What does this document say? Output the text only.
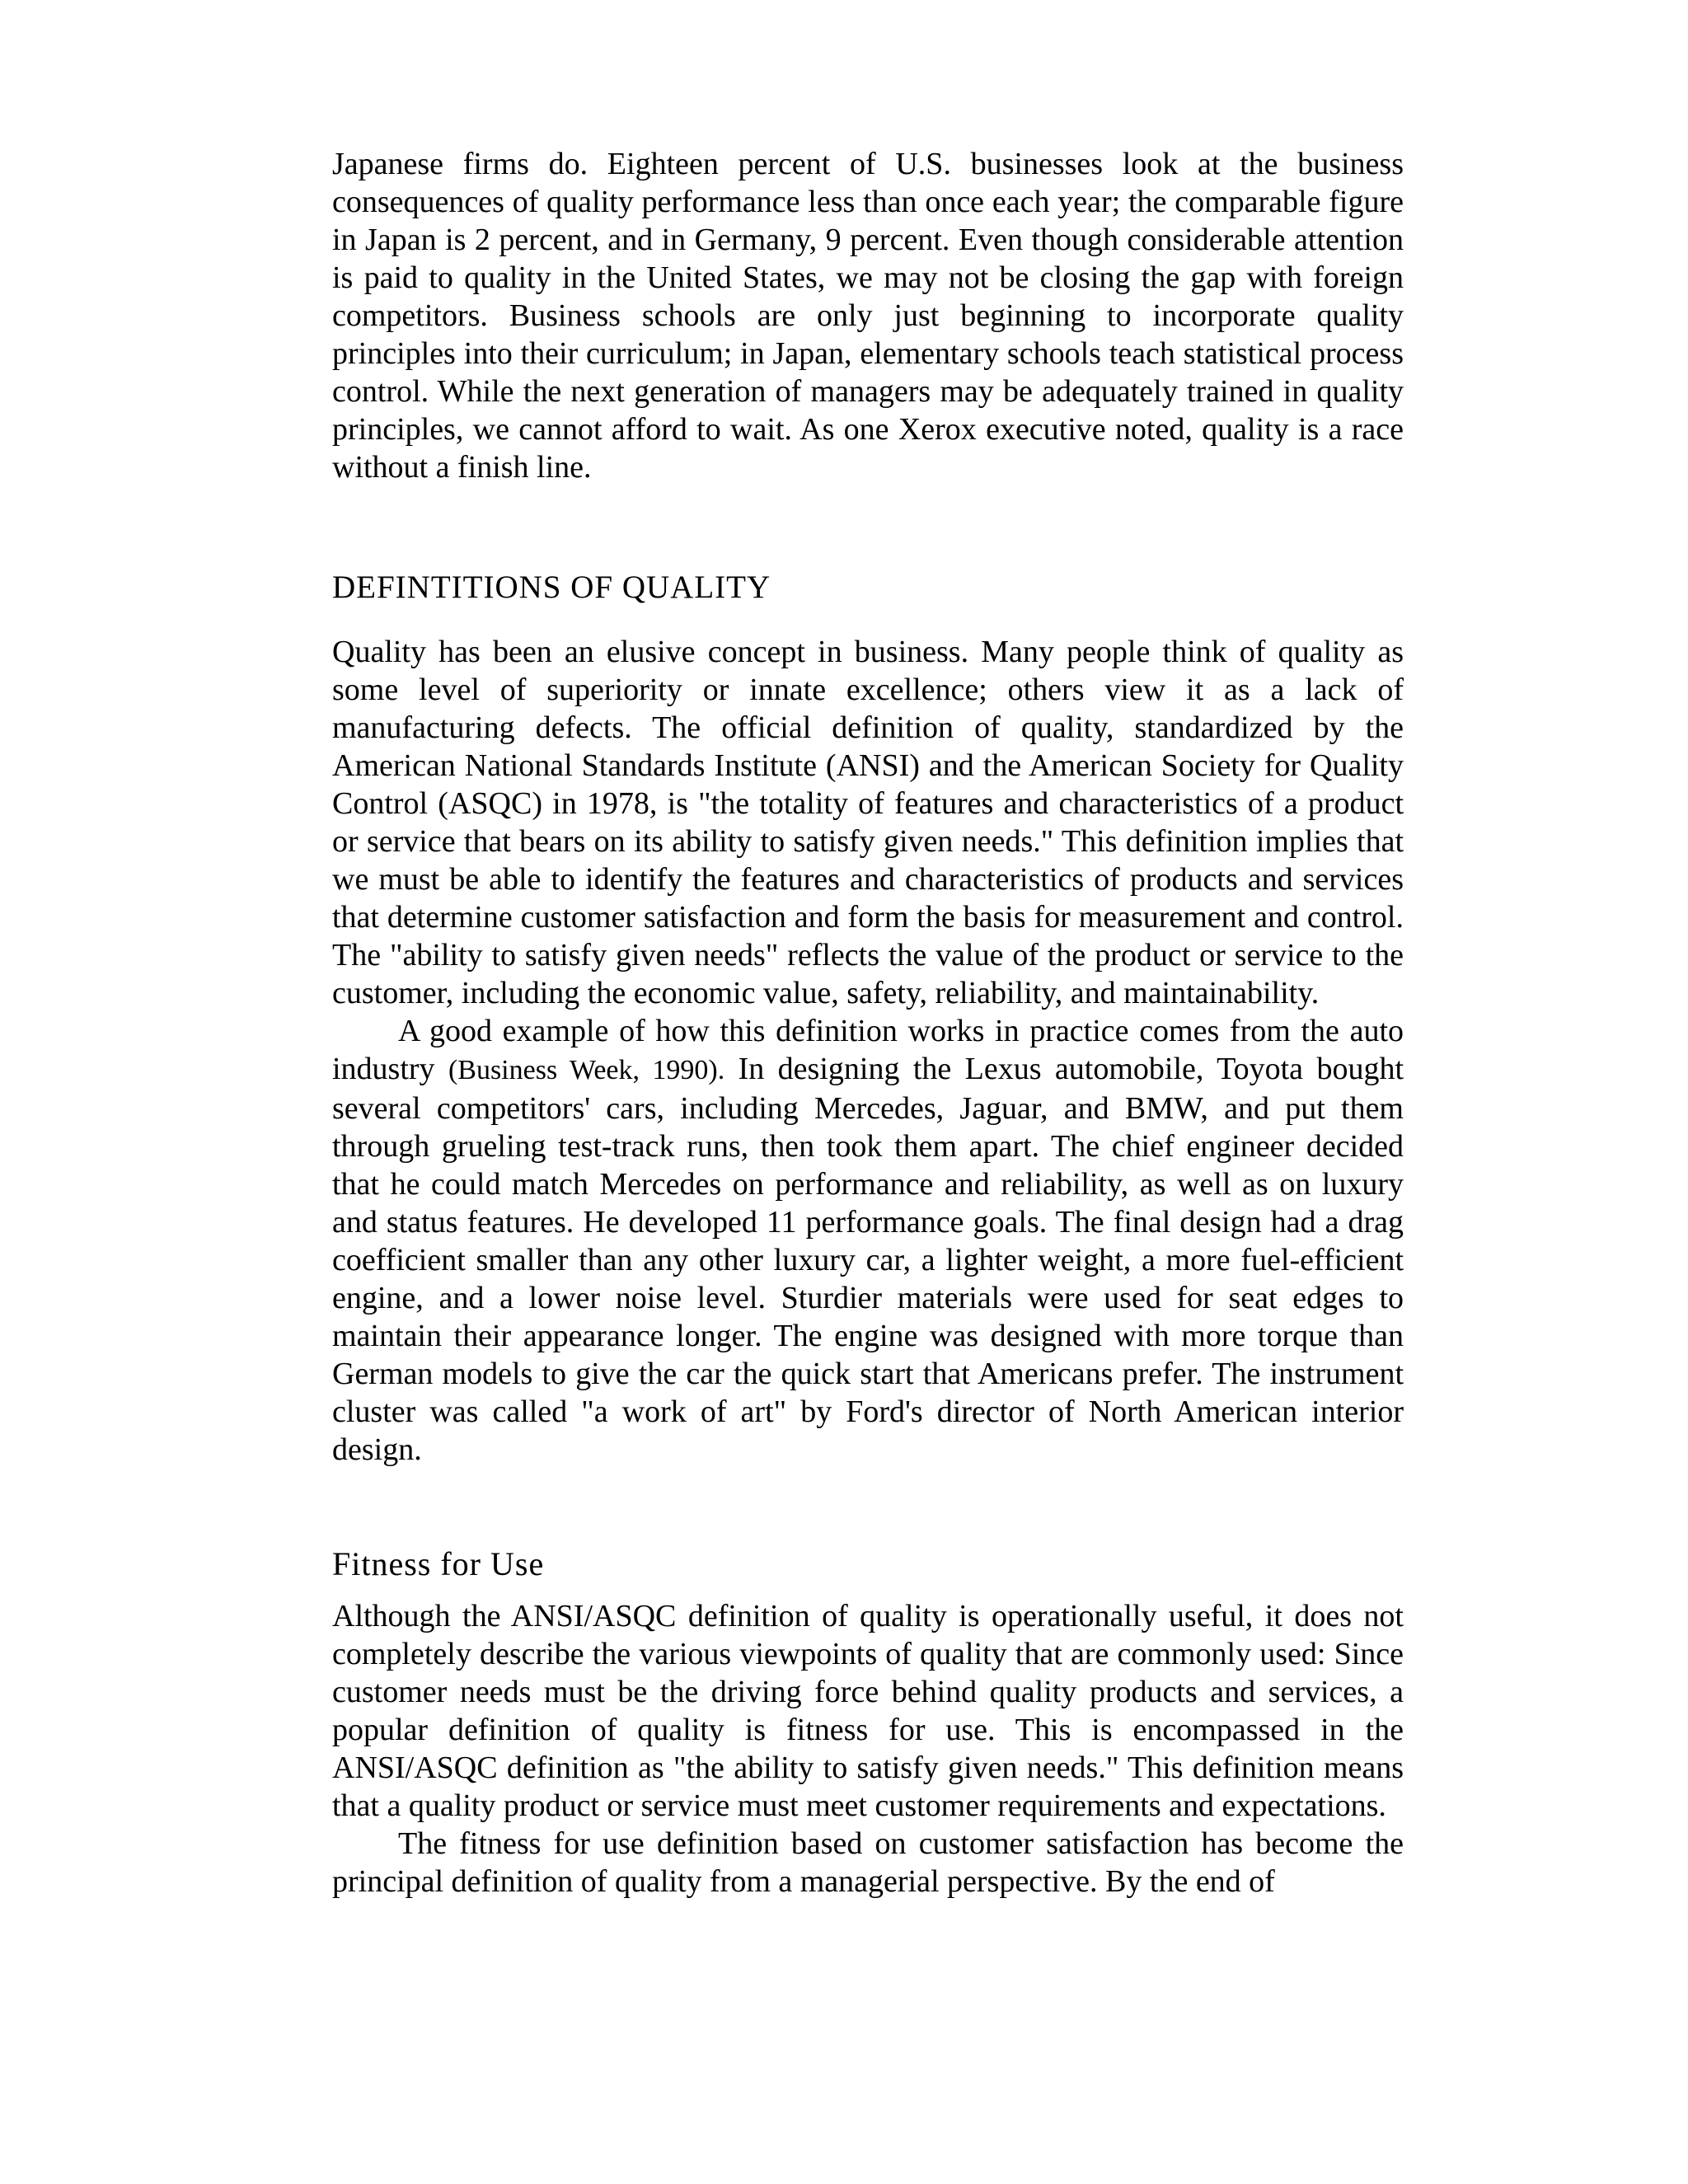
Japanese firms do. Eighteen percent of U.S. businesses look at the business consequences of quality performance less than once each year; the comparable figure in Japan is 2 percent, and in Germany, 9 percent. Even though considerable attention is paid to quality in the United States, we may not be closing the gap with foreign competitors. Business schools are only just beginning to incorporate quality principles into their curriculum; in Japan, elementary schools teach statistical process control. While the next generation of managers may be adequately trained in quality principles, we cannot afford to wait. As one Xerox executive noted, quality is a race without a finish line.

DEFINTITIONS OF QUALITY

Quality has been an elusive concept in business. Many people think of quality as some level of superiority or innate excellence; others view it as a lack of manufacturing defects. The official definition of quality, standardized by the American National Standards Institute (ANSI) and the American Society for Quality Control (ASQC) in 1978, is "the totality of features and characteristics of a product or service that bears on its ability to satisfy given needs." This definition implies that we must be able to identify the features and characteristics of products and services that determine customer satisfaction and form the basis for measurement and control. The "ability to satisfy given needs" reflects the value of the product or service to the customer, including the economic value, safety, reliability, and maintainability.

A good example of how this definition works in practice comes from the auto industry (Business Week, 1990). In designing the Lexus automobile, Toyota bought several competitors' cars, including Mercedes, Jaguar, and BMW, and put them through grueling test-track runs, then took them apart. The chief engineer decided that he could match Mercedes on performance and reliability, as well as on luxury and status features. He developed 11 performance goals. The final design had a drag coefficient smaller than any other luxury car, a lighter weight, a more fuel-efficient engine, and a lower noise level. Sturdier materials were used for seat edges to maintain their appearance longer. The engine was designed with more torque than German models to give the car the quick start that Americans prefer. The instrument cluster was called "a work of art" by Ford's director of North American interior design.

Fitness for Use

Although the ANSI/ASQC definition of quality is operationally useful, it does not completely describe the various viewpoints of quality that are commonly used: Since customer needs must be the driving force behind quality products and services, a popular definition of quality is fitness for use. This is encompassed in the ANSI/ASQC definition as "the ability to satisfy given needs." This definition means that a quality product or service must meet customer requirements and expectations.

The fitness for use definition based on customer satisfaction has become the principal definition of quality from a managerial perspective. By the end of
